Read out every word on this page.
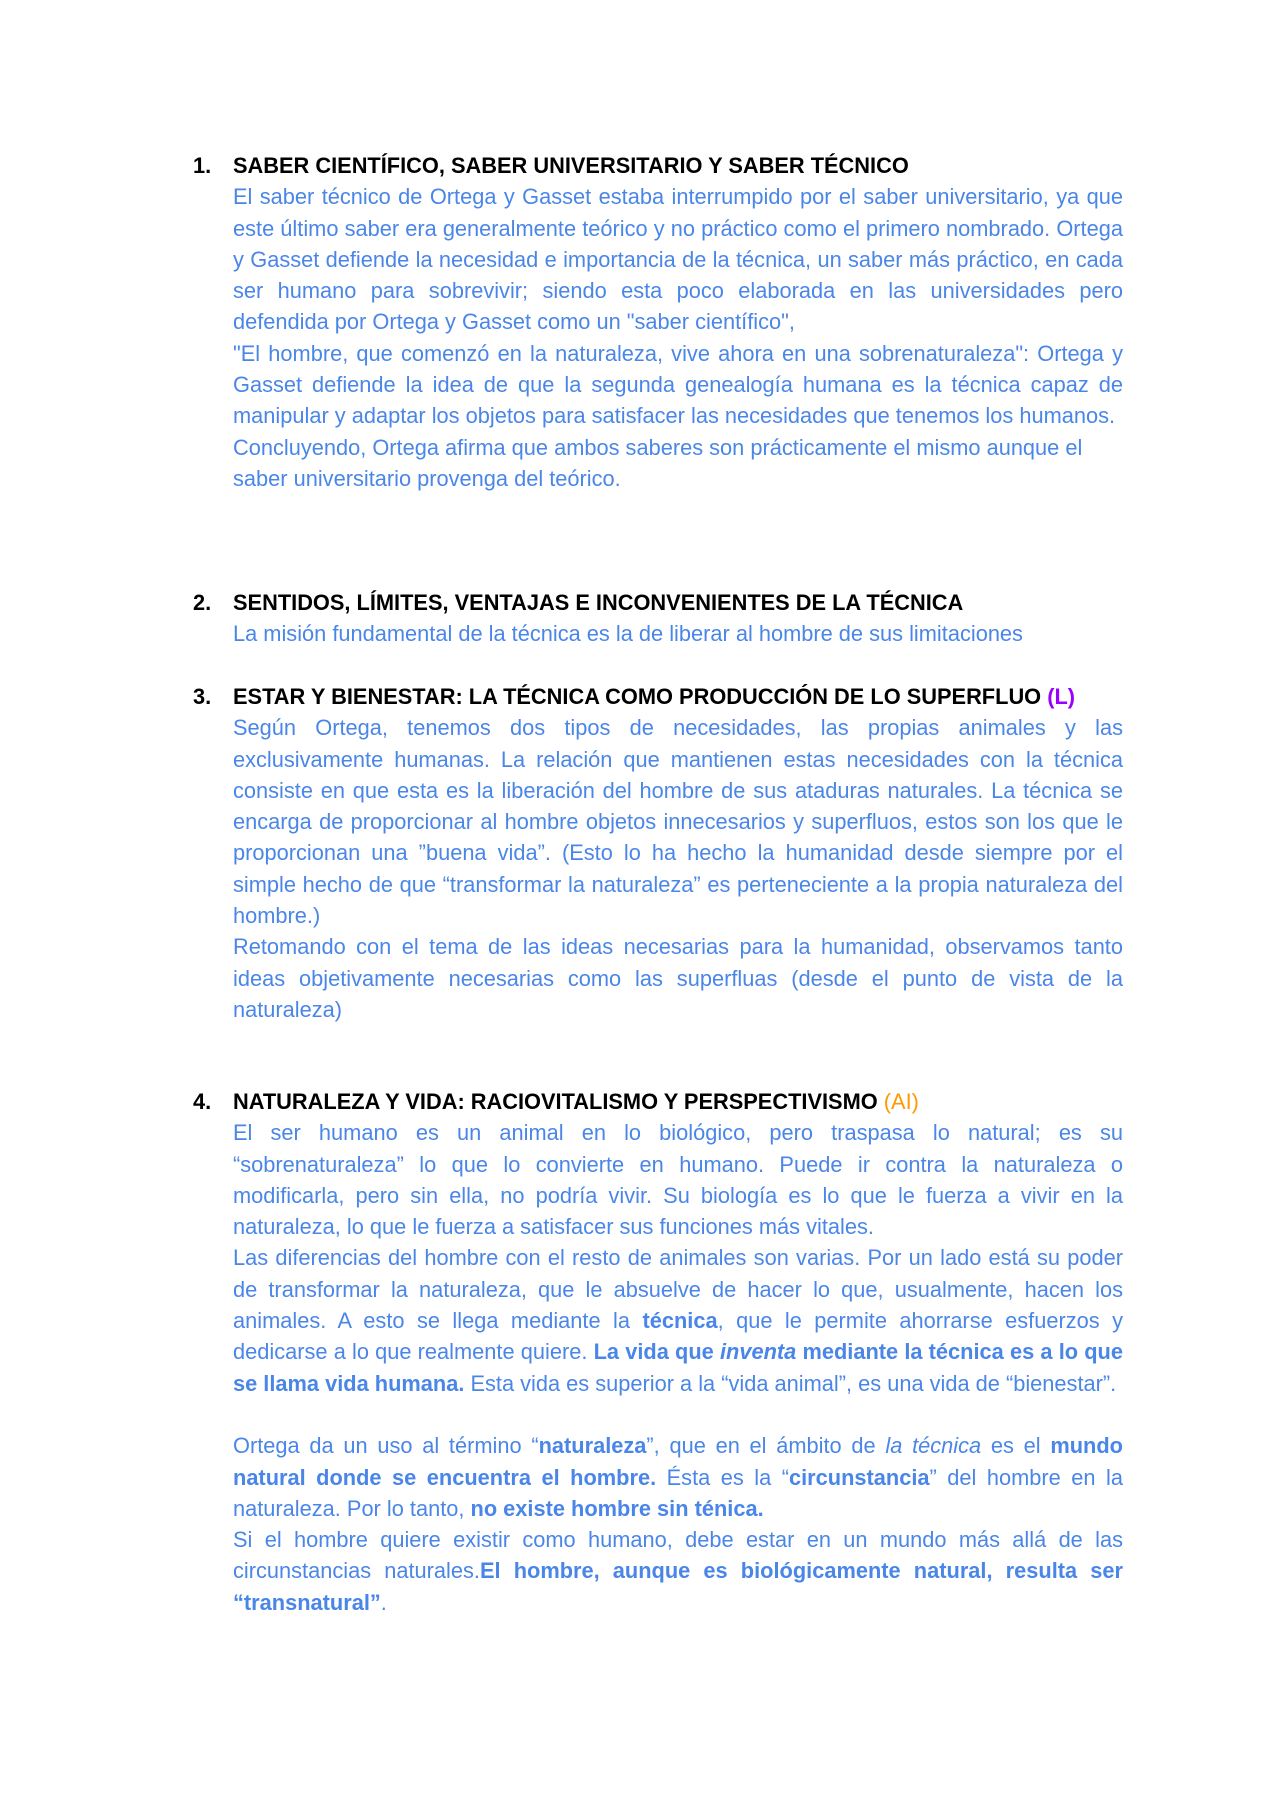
1.	SABER CIENTÍFICO, SABER UNIVERSITARIO Y SABER TÉCNICO

El saber técnico de Ortega y Gasset estaba interrumpido por el saber universitario, ya que este último saber era generalmente teórico y no práctico como el primero nombrado. Ortega y Gasset defiende la necesidad e importancia de la técnica, un saber más práctico, en cada ser humano para sobrevivir; siendo esta poco elaborada en las universidades pero defendida por Ortega y Gasset como un "saber científico",

"El hombre, que comenzó en la naturaleza, vive ahora en una sobrenaturaleza": Ortega y Gasset defiende la idea de que la segunda genealogía humana es la técnica capaz de manipular y adaptar los objetos para satisfacer las necesidades que tenemos los humanos.

Concluyendo, Ortega afirma que ambos saberes son prácticamente el mismo aunque el saber universitario provenga del teórico.

2.	SENTIDOS, LÍMITES, VENTAJAS E INCONVENIENTES DE LA TÉCNICA

La misión fundamental de la técnica es la de liberar al hombre de sus limitaciones

3.	ESTAR Y BIENESTAR: LA TÉCNICA COMO PRODUCCIÓN DE LO SUPERFLUO (L)

Según Ortega, tenemos dos tipos de necesidades, las propias animales y las exclusivamente humanas. La relación que mantienen estas necesidades con la técnica consiste en que esta es la liberación del hombre de sus ataduras naturales. La técnica se encarga de proporcionar al hombre objetos innecesarios y superfluos, estos son los que le proporcionan una ”buena vida”. (Esto lo ha hecho la humanidad desde siempre por el simple hecho de que “transformar la naturaleza” es perteneciente a la propia naturaleza del hombre.)

Retomando con el tema de las ideas necesarias para la humanidad, observamos tanto ideas objetivamente necesarias como las superfluas (desde el punto de vista de la naturaleza)

4.	NATURALEZA Y VIDA: RACIOVITALISMO Y PERSPECTIVISMO (AI)

El ser humano es un animal en lo biológico, pero traspasa lo natural; es su “sobrenaturaleza” lo que lo convierte en humano. Puede ir contra la naturaleza o modificarla, pero sin ella, no podría vivir. Su biología es lo que le fuerza a vivir en la naturaleza, lo que le fuerza a satisfacer sus funciones más vitales.

Las diferencias del hombre con el resto de animales son varias. Por un lado está su poder de transformar la naturaleza, que le absuelve de hacer lo que, usualmente, hacen los animales. A esto se llega mediante la técnica, que le permite ahorrarse esfuerzos y dedicarse a lo que realmente quiere. La vida que inventa mediante la técnica es a lo que se llama vida humana. Esta vida es superior a la “vida animal”, es una vida de “bienestar”.

Ortega da un uso al término “naturaleza”, que en el ámbito de la técnica es el mundo natural donde se encuentra el hombre. Ésta es la “circunstancia” del hombre en la naturaleza. Por lo tanto, no existe hombre sin ténica.

Si el hombre quiere existir como humano, debe estar en un mundo más allá de las circunstancias naturales.El hombre, aunque es biológicamente natural, resulta ser “transnatural”.
